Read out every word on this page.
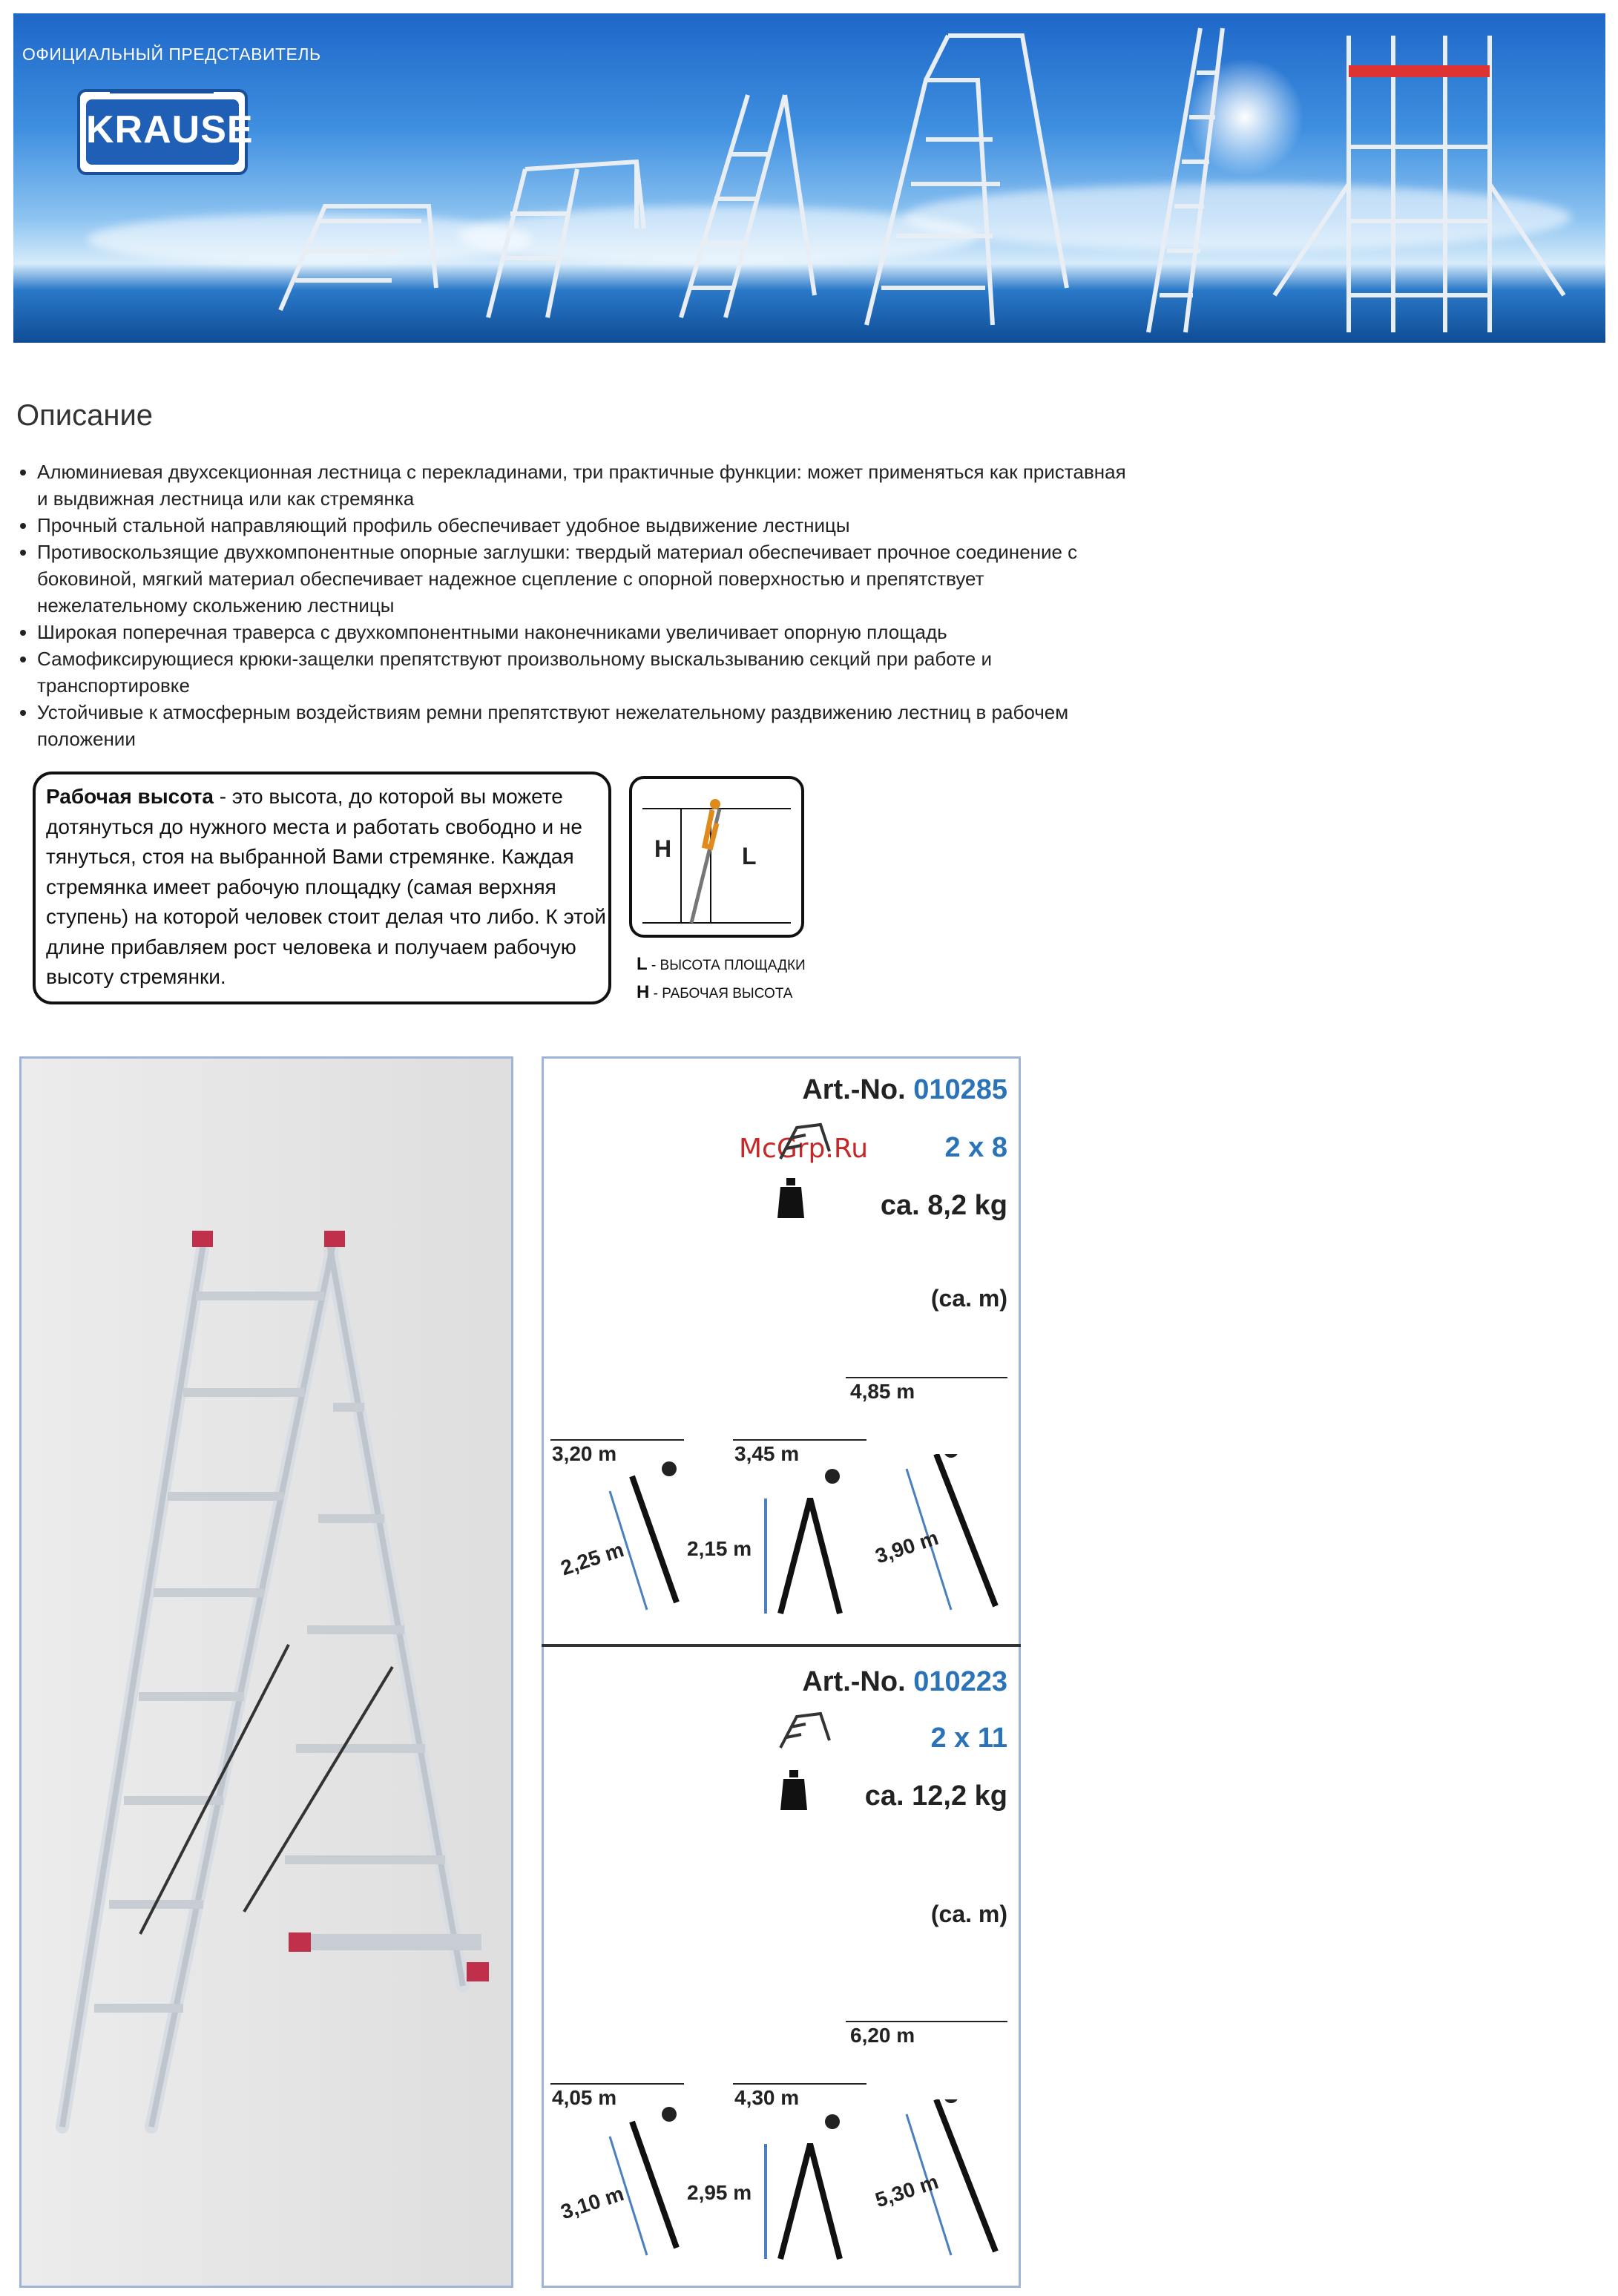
ОФИЦИАЛЬНЫЙ ПРЕДСТАВИТЕЛЬ
KRAUSE
Описание
• Алюминиевая двухсекционная лестница с перекладинами, три практичные функции: может применяться как приставная и выдвижная лестница или как стремянка
• Прочный стальной направляющий профиль обеспечивает удобное выдвижение лестницы
• Противоскользящие двухкомпонентные опорные заглушки: твердый материал обеспечивает прочное соединение с боковиной, мягкий материал обеспечивает надежное сцепление с опорной поверхностью и препятствует нежелательному скольжению лестницы
• Широкая поперечная траверса с двухкомпонентными наконечниками увеличивает опорную площадь
• Самофиксирующиеся крюки-защелки препятствуют произвольному выскальзыванию секций при работе и транспортировке
• Устойчивые к атмосферным воздействиям ремни препятствуют нежелательному раздвижению лестниц в рабочем положении
Рабочая высота - это высота, до которой вы можете дотянуться до нужного места и работать свободно и не тянуться, стоя на выбранной Вами стремянке. Каждая стремянка имеет рабочую площадку (самая верхняя ступень) на которой человек стоит делая что либо. К этой длине прибавляем рост человека и получаем рабочую высоту стремянки.
H	L
L - ВЫСОТА ПЛОЩАДКИ
H - РАБОЧАЯ ВЫСОТА
McGrp.Ru
Art.-No. 010285
2 x 8
ca. 8,2 kg
(ca. m)
4,85 m
3,20 m	3,45 m
2,25 m	2,15 m	3,90 m
Art.-No. 010223
2 x 11
ca. 12,2 kg
(ca. m)
6,20 m
4,05 m	4,30 m
3,10 m	2,95 m	5,30 m
